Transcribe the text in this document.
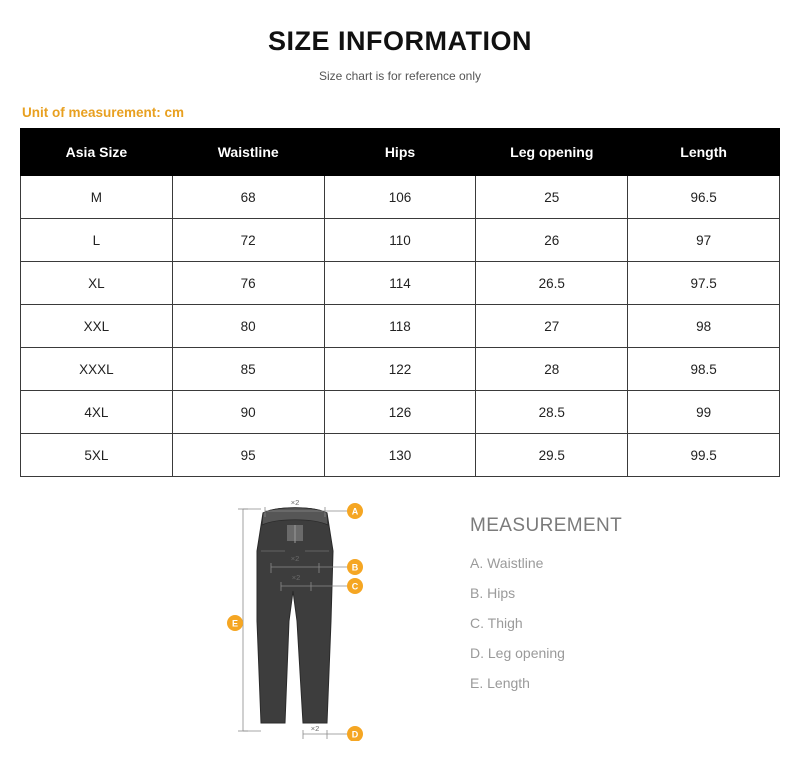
SIZE INFORMATION
Size chart is for reference only
Unit of measurement: cm
Asia Size	Waistline	Hips	Leg opening	Length
M	68	106	25	96.5
L	72	110	26	97
XL	76	114	26.5	97.5
XXL	80	118	27	98
XXXL	85	122	28	98.5
4XL	90	126	28.5	99
5XL	95	130	29.5	99.5
×2
×2
×2
×2
A
B
C
D
E
MEASUREMENT
A. Waistline
B. Hips
C. Thigh
D. Leg opening
E. Length
